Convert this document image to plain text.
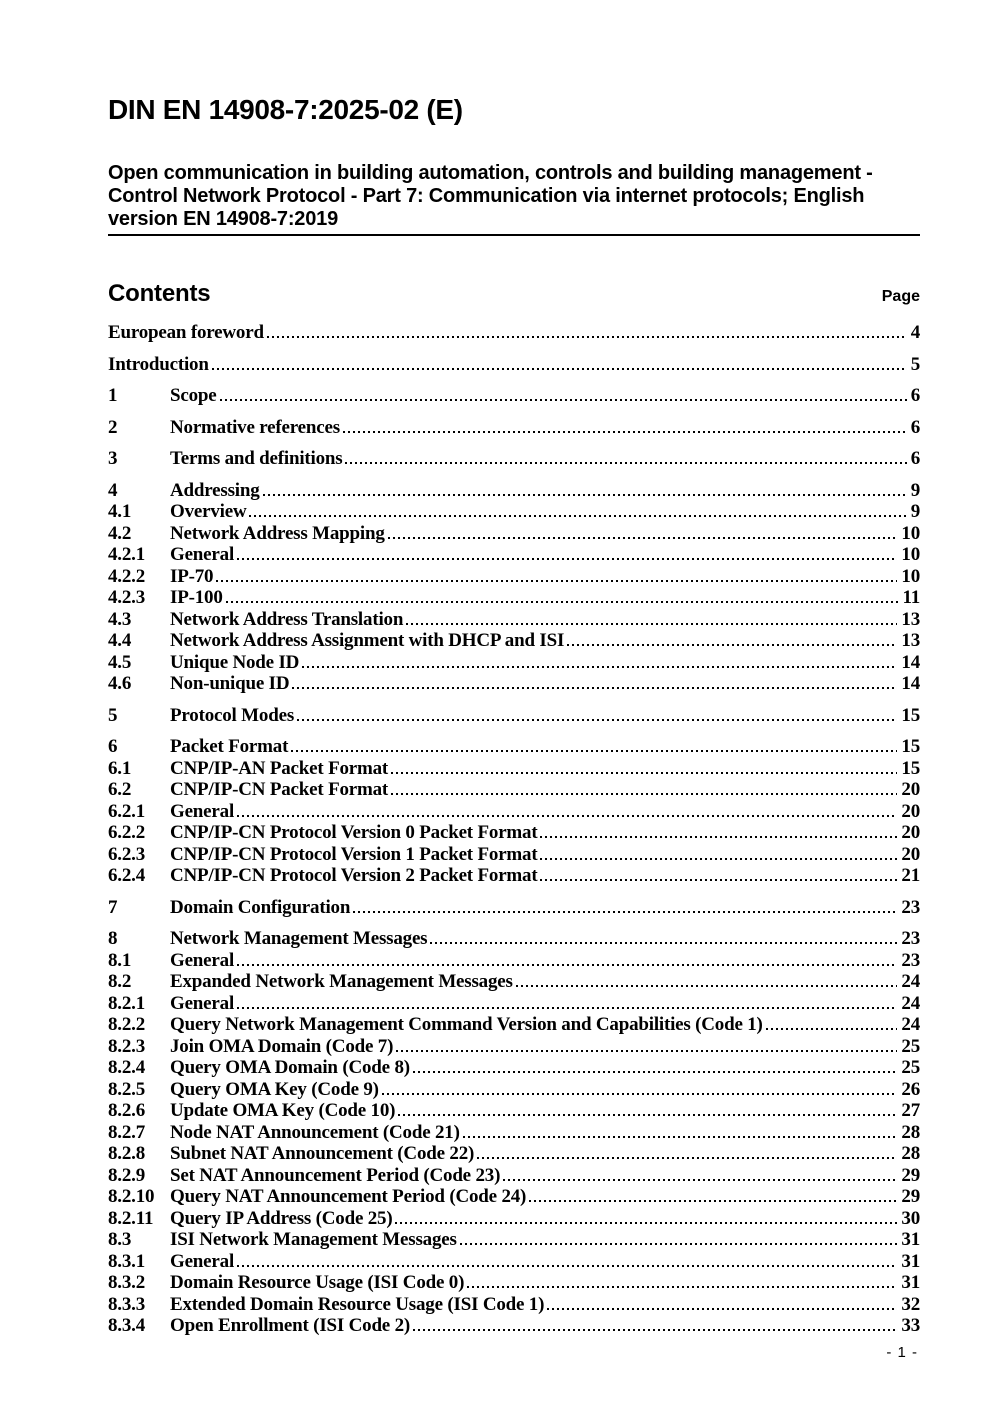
DIN EN 14908-7:2025-02 (E)
Open communication in building automation, controls and building management -
Control Network Protocol - Part 7: Communication via internet protocols; English
version EN 14908-7:2019
Contents	Page
European foreword	4
Introduction	5
1	Scope	6
2	Normative references	6
3	Terms and definitions	6
4	Addressing	9
4.1	Overview	9
4.2	Network Address Mapping	10
4.2.1	General	10
4.2.2	IP-70	10
4.2.3	IP-100	11
4.3	Network Address Translation	13
4.4	Network Address Assignment with DHCP and ISI	13
4.5	Unique Node ID	14
4.6	Non-unique ID	14
5	Protocol Modes	15
6	Packet Format	15
6.1	CNP/IP-AN Packet Format	15
6.2	CNP/IP-CN Packet Format	20
6.2.1	General	20
6.2.2	CNP/IP-CN Protocol Version 0 Packet Format	20
6.2.3	CNP/IP-CN Protocol Version 1 Packet Format	20
6.2.4	CNP/IP-CN Protocol Version 2 Packet Format	21
7	Domain Configuration	23
8	Network Management Messages	23
8.1	General	23
8.2	Expanded Network Management Messages	24
8.2.1	General	24
8.2.2	Query Network Management Command Version and Capabilities (Code 1)	24
8.2.3	Join OMA Domain (Code 7)	25
8.2.4	Query OMA Domain (Code 8)	25
8.2.5	Query OMA Key (Code 9)	26
8.2.6	Update OMA Key (Code 10)	27
8.2.7	Node NAT Announcement (Code 21)	28
8.2.8	Subnet NAT Announcement (Code 22)	28
8.2.9	Set NAT Announcement Period (Code 23)	29
8.2.10 Query NAT Announcement Period (Code 24)	29
8.2.11 Query IP Address (Code 25)	30
8.3	ISI Network Management Messages	31
8.3.1	General	31
8.3.2	Domain Resource Usage (ISI Code 0)	31
8.3.3	Extended Domain Resource Usage (ISI Code 1)	32
8.3.4	Open Enrollment (ISI Code 2)	33
- 1 -
